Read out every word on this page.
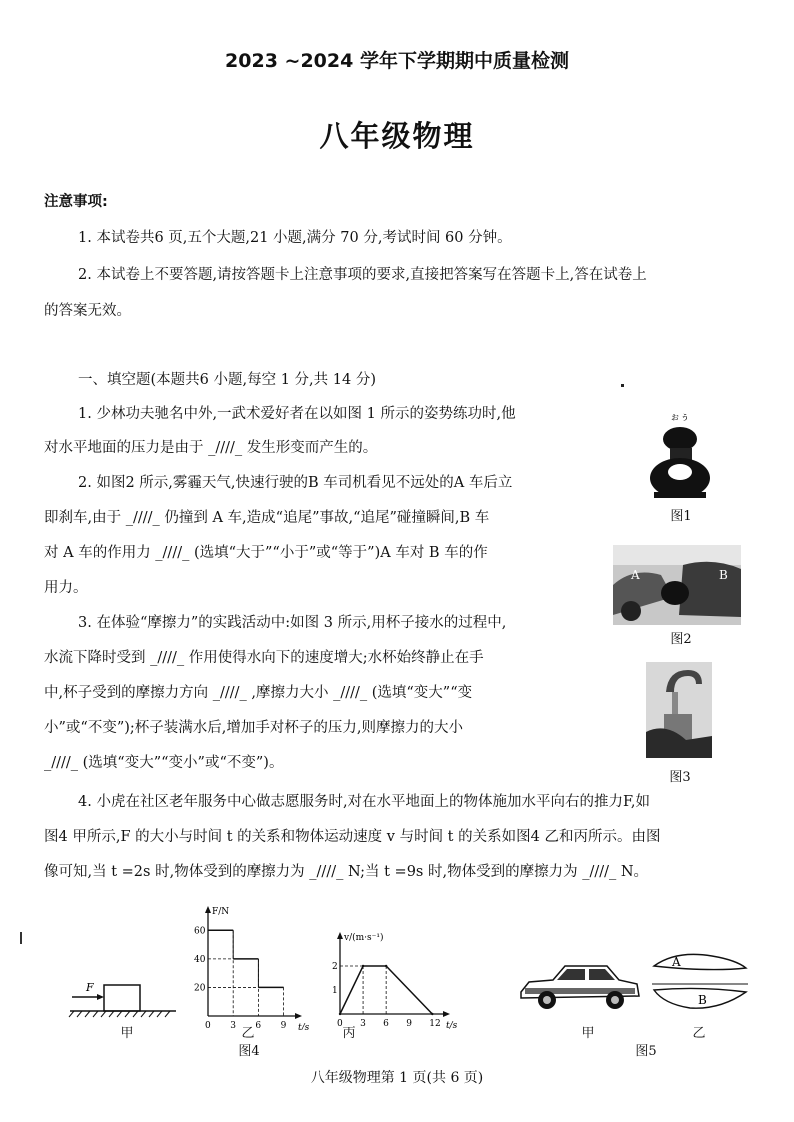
2023 ~2024 学年下学期期中质量检测
八年级物理
注意事项:
1. 本试卷共6 页,五个大题,21 小题,满分 70 分,考试时间 60 分钟。
2. 本试卷上不要答题,请按答题卡上注意事项的要求,直接把答案写在答题卡上,答在试卷上
的答案无效。
一、填空题(本题共6 小题,每空 1 分,共 14 分)
1. 少林功夫驰名中外,一武术爱好者在以如图 1 所示的姿势练功时,他
对水平地面的压力是由于 _////_ 发生形变而产生的。
2. 如图2 所示,雾霾天气,快速行驶的B 车司机看见不远处的A 车后立
即刹车,由于 _////_ 仍撞到 A 车,造成“追尾”事故,“追尾”碰撞瞬间,B 车
对 A 车的作用力 _////_ (选填“大于”“小于”或“等于”)A 车对 B 车的作
用力。
3. 在体验“摩擦力”的实践活动中:如图 3 所示,用杯子接水的过程中,
水流下降时受到 _////_ 作用使得水向下的速度增大;水杯始终静止在手
中,杯子受到的摩擦力方向 _////_ ,摩擦力大小 _////_ (选填“变大”“变
小”或“不变”);杯子装满水后,增加手对杯子的压力,则摩擦力的大小
_////_ (选填“变大”“变小”或“不变”)。
4. 小虎在社区老年服务中心做志愿服务时,对在水平地面上的物体施加水平向右的推力F,如
图4 甲所示,F 的大小与时间 t 的关系和物体运动速度 v 与时间 t 的关系如图4 乙和丙所示。由图
像可知,当 t =2s 时,物体受到的摩擦力为 _////_ N;当 t =9s 时,物体受到的摩擦力为 _////_ N。
ぉぅ
图1
A	B
图2
图3
F
甲
F/N
t/s
0 3 6 9
20
40
60
乙
图4
v/(m·s⁻¹)
t/s
0 3 6 9 12
1
2
丙	甲
A
B
乙
图5
八年级物理第 1 页(共 6 页)
